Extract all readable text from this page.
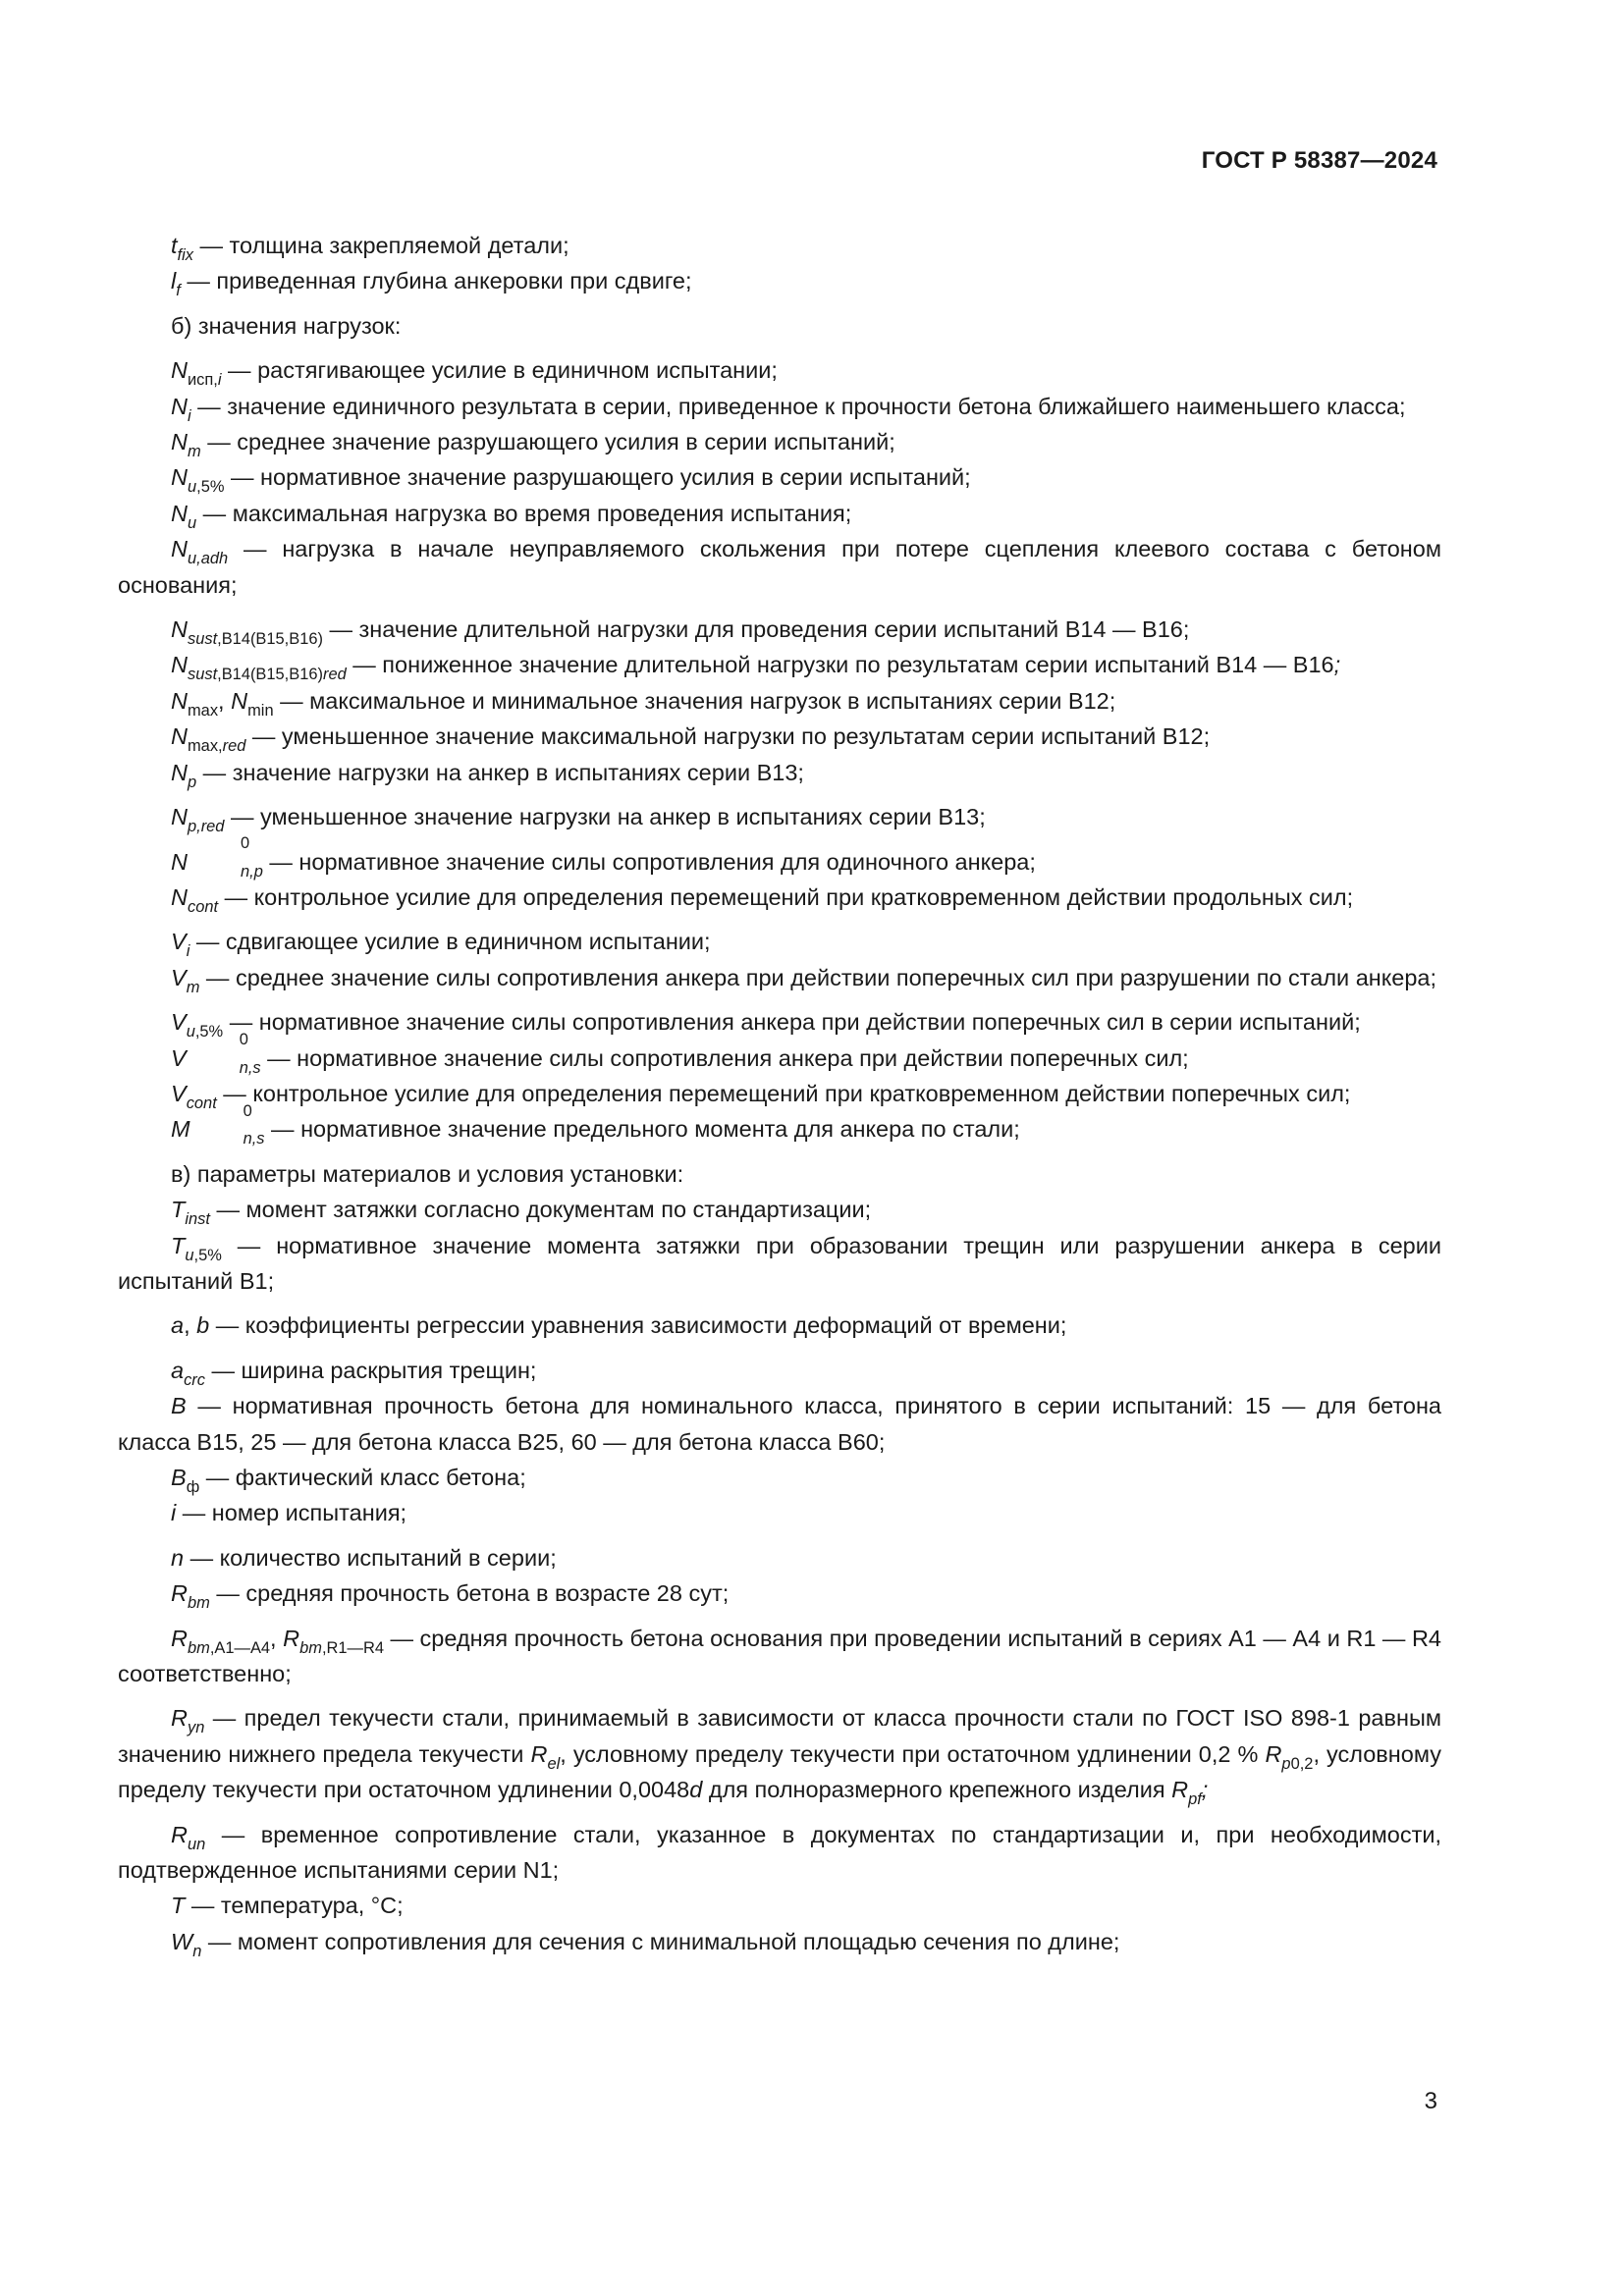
ГОСТ Р 58387—2024

$t_{fix}$ — толщина закрепляемой детали;

$l_f$ — приведенная глубина анкеровки при сдвиге;

б) значения нагрузок:

$N_{исп,i}$ — растягивающее усилие в единичном испытании;

$N_i$ — значение единичного результата в серии, приведенное к прочности бетона ближайшего наименьшего класса;

$N_m$ — среднее значение разрушающего усилия в серии испытаний;

$N_{u,5\%}$ — нормативное значение разрушающего усилия в серии испытаний;

$N_u$ — максимальная нагрузка во время проведения испытания;

$N_{u,adh}$ — нагрузка в начале неуправляемого скольжения при потере сцепления клеевого состава с бетоном основания;

$N_{sust,В14(В15,В16)}$ — значение длительной нагрузки для проведения серии испытаний В14 — В16;

$N_{sust,В14(В15,В16)red}$ — пониженное значение длительной нагрузки по результатам серии испытаний В14 — В16;

$N_{max}$, $N_{min}$ — максимальное и минимальное значения нагрузок в испытаниях серии В12;

$N_{max,red}$ — уменьшенное значение максимальной нагрузки по результатам серии испытаний В12;

$N_p$ — значение нагрузки на анкер в испытаниях серии В13;

$N_{p,red}$ — уменьшенное значение нагрузки на анкер в испытаниях серии В13;

N
0
$_{n,p}$ — нормативное значение силы сопротивления для одиночного анкера;

$N_{cont}$ — контрольное усилие для определения перемещений при кратковременном действии продольных сил;

$V_i$ — сдвигающее усилие в единичном испытании;

$V_m$ — среднее значение силы сопротивления анкера при действии поперечных сил при разрушении по стали анкера;

$V_{u,5\%}$ — нормативное значение силы сопротивления анкера при действии поперечных сил в серии испытаний;

V
0
$_{n,s}$ — нормативное значение силы сопротивления анкера при действии поперечных сил;

$V_{cont}$ — контрольное усилие для определения перемещений при кратковременном действии поперечных сил;

M
0
$_{n,s}$ — нормативное значение предельного момента для анкера по стали;

в) параметры материалов и условия установки:

$T_{inst}$ — момент затяжки согласно документам по стандартизации;

$T_{u,5\%}$ — нормативное значение момента затяжки при образовании трещин или разрушении анкера в серии испытаний В1;

a, b — коэффициенты регрессии уравнения зависимости деформаций от времени;

$a_{crc}$ — ширина раскрытия трещин;

B — нормативная прочность бетона для номинального класса, принятого в серии испытаний: 15 — для бетона класса В15, 25 — для бетона класса В25, 60 — для бетона класса В60;

$B_ф$ — фактический класс бетона;

i — номер испытания;

n — количество испытаний в серии;

$R_{bm}$ — средняя прочность бетона в возрасте 28 сут;

$R_{bm,А1—А4}$, $R_{bm,R1—R4}$ — средняя прочность бетона основания при проведении испытаний в сериях А1 — А4 и R1 — R4 соответственно;

$R_{yn}$ — предел текучести стали, принимаемый в зависимости от класса прочности стали по ГОСТ ISO 898-1 равным значению нижнего предела текучести $R_{el}$, условному пределу текучести при остаточном удлинении 0,2 % $R_{p0,2}$, условному пределу текучести при остаточном удлинении 0,0048d для полноразмерного крепежного изделия $R_{pf}$;

$R_{un}$ — временное сопротивление стали, указанное в документах по стандартизации и, при необходимости, подтвержденное испытаниями серии N1;

T — температура, °С;

$W_n$ — момент сопротивления для сечения с минимальной площадью сечения по длине;

3
